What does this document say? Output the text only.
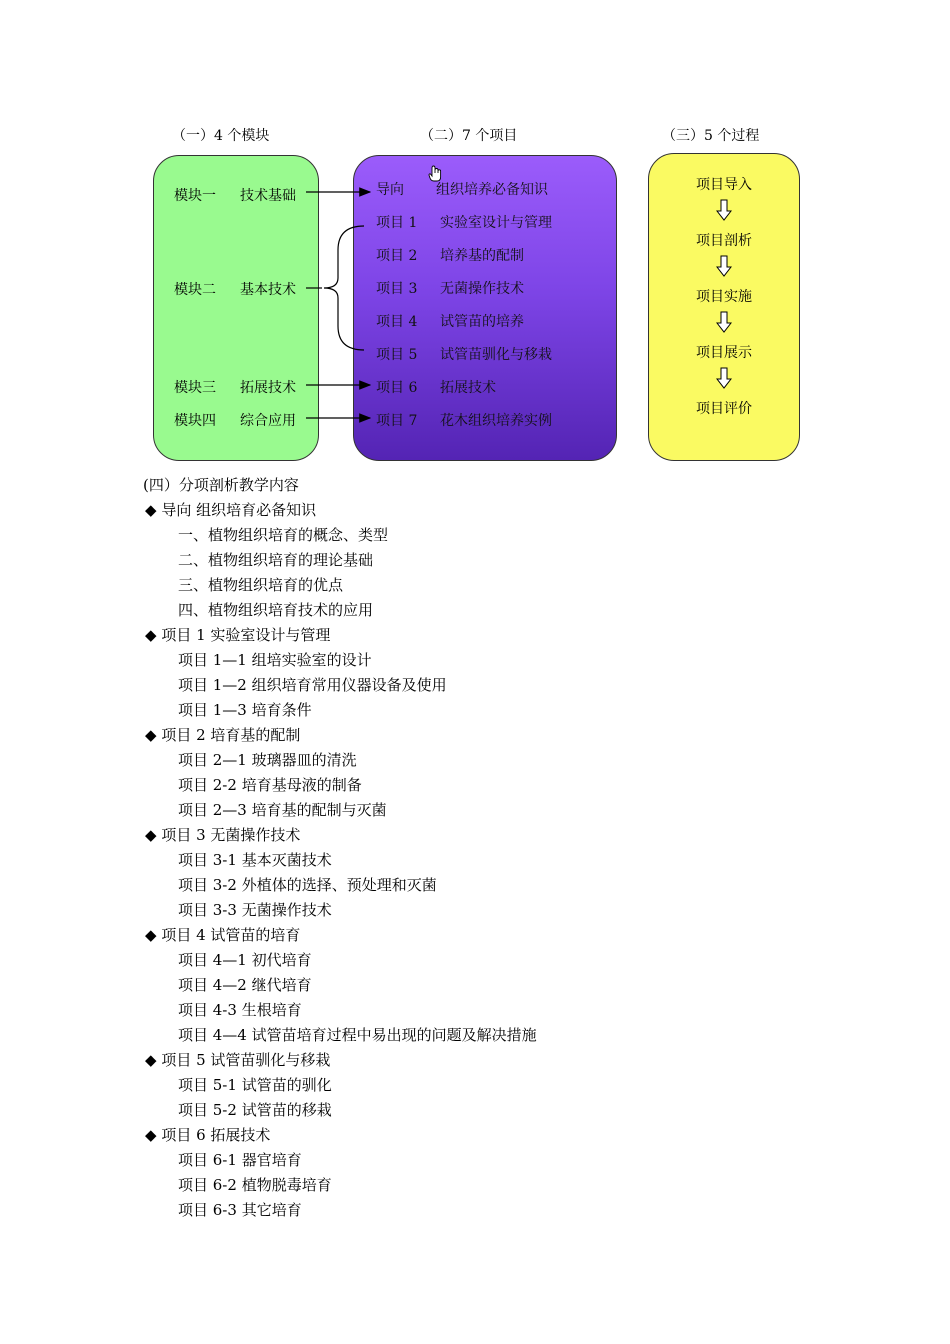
（一）4 个模块	（二）7 个项目	（三）5 个过程
模块一 技术基础
模块二 基本技术
模块三 拓展技术
模块四 综合应用
导向 组织培养必备知识
项目 1 实验室设计与管理
项目 2 培养基的配制
项目 3 无菌操作技术
项目 4 试管苗的培养
项目 5 试管苗驯化与移栽
项目 6 拓展技术
项目 7 花木组织培养实例
项目导入
项目剖析
项目实施
项目展示
项目评价
(四）分项剖析教学内容
◆ 导向 组织培育必备知识
一、植物组织培育的概念、类型
二、植物组织培育的理论基础
三、植物组织培育的优点
四、植物组织培育技术的应用
◆ 项目 1 实验室设计与管理
项目 1—1 组培实验室的设计
项目 1—2 组织培育常用仪器设备及使用
项目 1—3 培育条件
◆ 项目 2 培育基的配制
项目 2—1 玻璃器皿的清洗
项目 2-2 培育基母液的制备
项目 2—3 培育基的配制与灭菌
◆ 项目 3 无菌操作技术
项目 3-1 基本灭菌技术
项目 3-2 外植体的选择、预处理和灭菌
项目 3-3 无菌操作技术
◆ 项目 4 试管苗的培育
项目 4—1 初代培育
项目 4—2 继代培育
项目 4-3 生根培育
项目 4—4 试管苗培育过程中易出现的问题及解决措施
◆ 项目 5 试管苗驯化与移栽
项目 5-1 试管苗的驯化
项目 5-2 试管苗的移栽
◆ 项目 6 拓展技术
项目 6-1 器官培育
项目 6-2 植物脱毒培育
项目 6-3 其它培育
